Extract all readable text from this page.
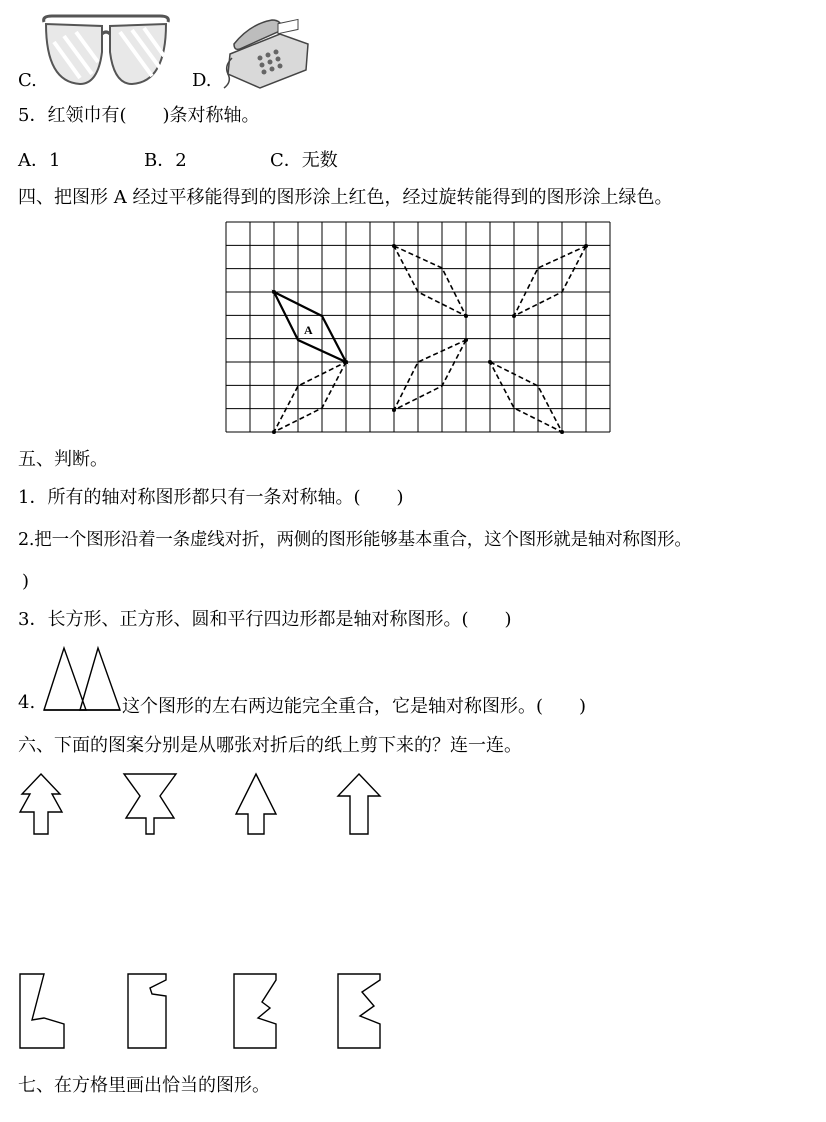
C.	D.
5．红领巾有(　　)条对称轴。
A．1	B．2	C．无数
四、把图形 A 经过平移能得到的图形涂上红色，经过旋转能得到的图形涂上绿色。
A
五、判断。
1．所有的轴对称图形都只有一条对称轴。(　　)
2.把一个图形沿着一条虚线对折，两侧的图形能够基本重合，这个图形就是轴对称图形。
)
3．长方形、正方形、圆和平行四边形都是轴对称图形。(　　)
4.	这个图形的左右两边能完全重合，它是轴对称图形。(　　)
六、下面的图案分别是从哪张对折后的纸上剪下来的？连一连。
七、在方格里画出恰当的图形。
